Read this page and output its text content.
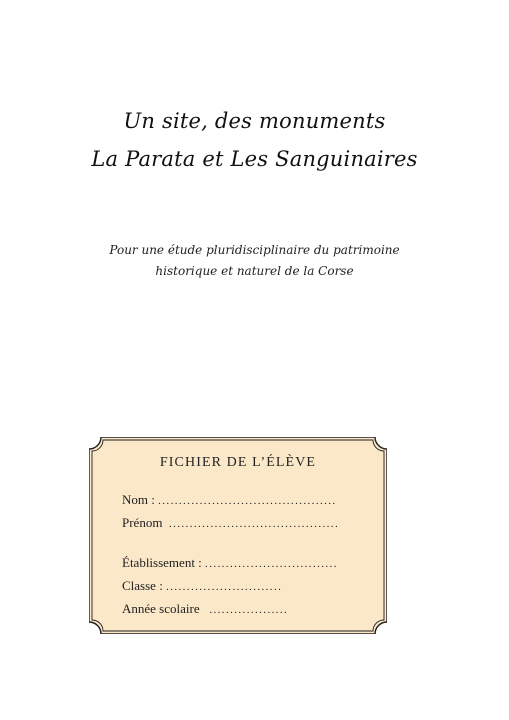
Un site, des monuments
La Parata et Les Sanguinaires
Pour une étude pluridisciplinaire du patrimoine
historique et naturel de la Corse
FICHIER DE L’ÉLÈVE
Nom : ...........................................
Prénom .........................................
Établissement : ................................
Classe : ............................
Année scolaire ...................
